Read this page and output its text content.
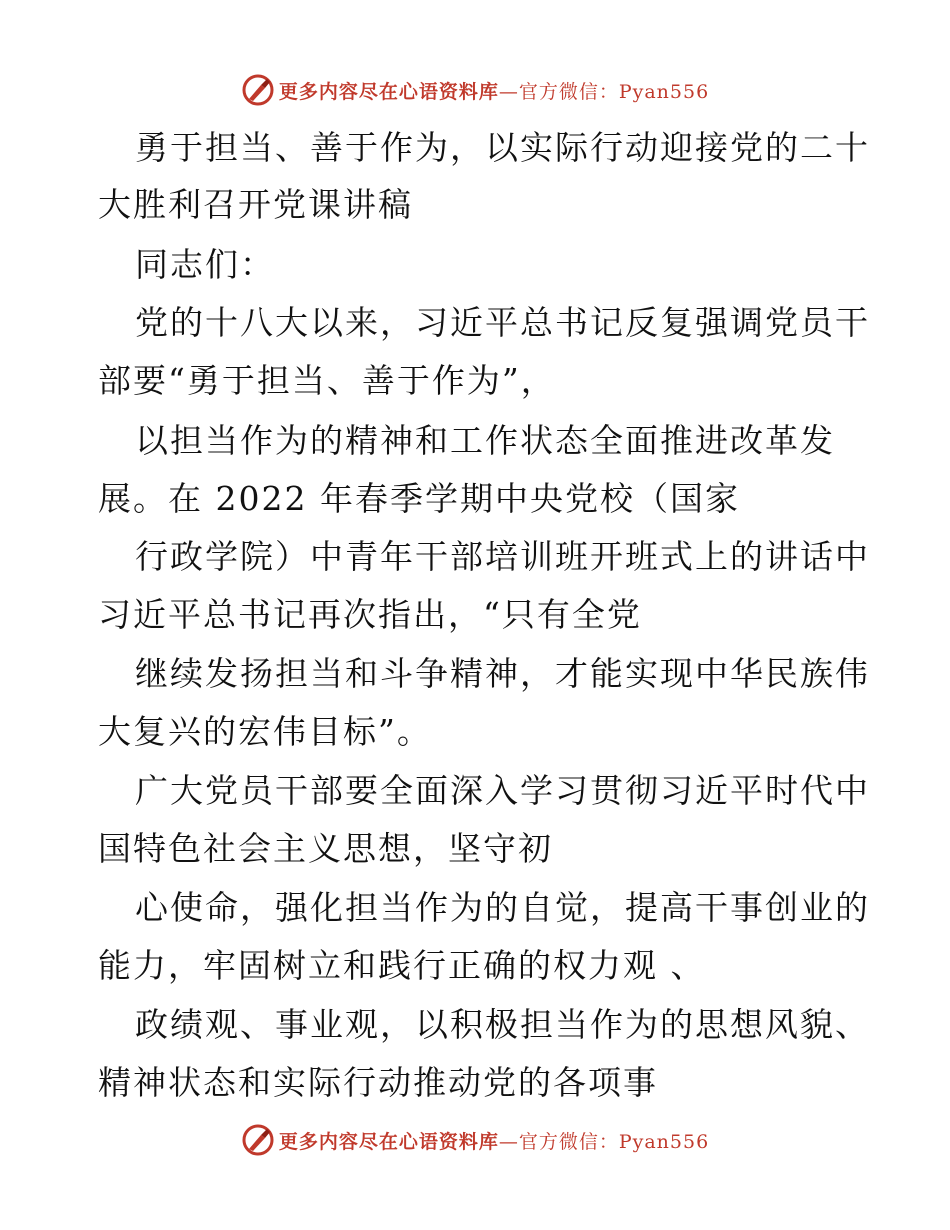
更多内容尽在心语资料库—官方微信：Pyan556
勇于担当、善于作为，以实际行动迎接党的二十
大胜利召开党课讲稿
同志们：
党的十八大以来，习近平总书记反复强调党员干
部要“勇于担当、善于作为”，
以担当作为的精神和工作状态全面推进改革发
展。在 2022 年春季学期中央党校（国家
行政学院）中青年干部培训班开班式上的讲话中
习近平总书记再次指出，“只有全党
继续发扬担当和斗争精神，才能实现中华民族伟
大复兴的宏伟目标”。
广大党员干部要全面深入学习贯彻习近平时代中
国特色社会主义思想，坚守初
心使命，强化担当作为的自觉，提高干事创业的
能力，牢固树立和践行正确的权力观 、
政绩观、事业观，以积极担当作为的思想风貌、
精神状态和实际行动推动党的各项事
更多内容尽在心语资料库—官方微信：Pyan556
